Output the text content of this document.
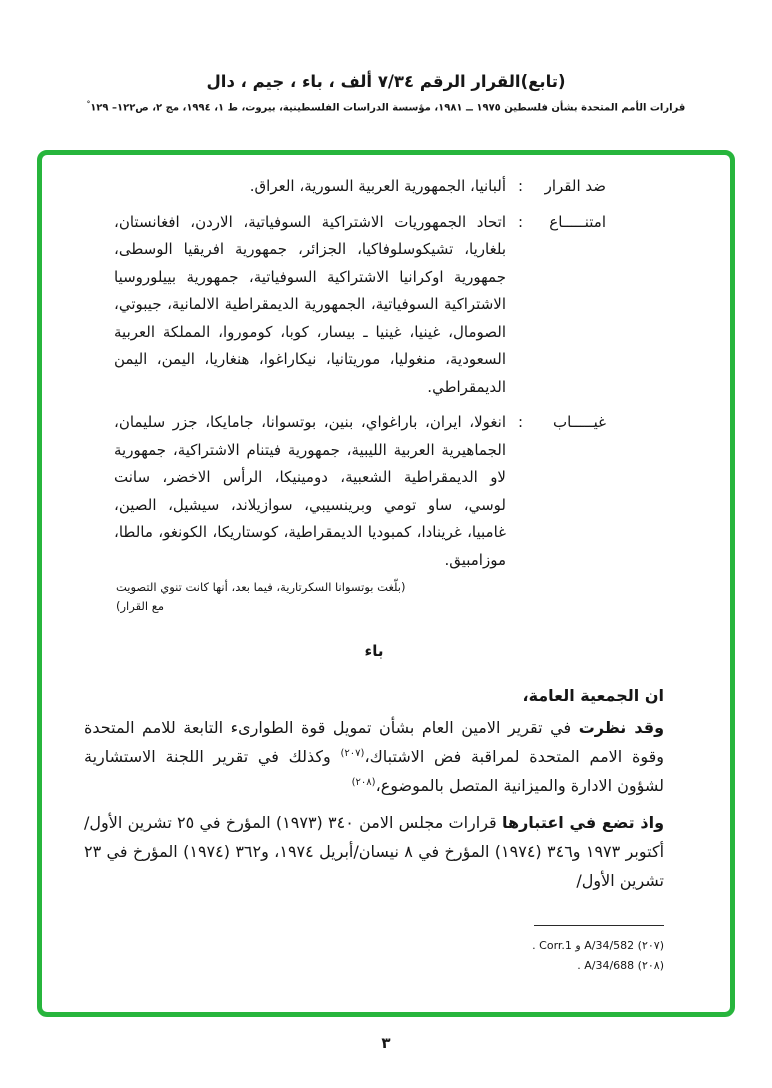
(تابع)القرار الرقم ٧/٣٤ ألف ، باء ، جيم ، دال
قرارات الأمم المتحدة بشأن فلسطين ١٩٧٥ ــ ١٩٨١، مؤسسة الدراسات الفلسطينية، بيروت، ط ١، ١٩٩٤، مج ٢، ص١٢٢– ١٢٩°
ضد القرار
:
ألبانيا، الجمهورية العربية السورية، العراق.
امتنـــــاع
:
اتحاد الجمهوريات الاشتراكية السوفياتية، الاردن، افغانستان، بلغاريا، تشيكوسلوفاكيا، الجزائر، جمهورية افريقيا الوسطى، جمهورية اوكرانيا الاشتراكية السوفياتية، جمهورية بييلوروسيا الاشتراكية السوفياتية، الجمهورية الديمقراطية الالمانية، جيبوتي، الصومال، غينيا، غينيا ـ بيسار، كوبا، كوموروا، المملكة العربية السعودية، منغوليا، موريتانيا، نيكاراغوا، هنغاريا، اليمن، اليمن الديمقراطي.
غيـــــاب
:
انغولا، ايران، باراغواي، بنين، بوتسوانا، جامايكا، جزر سليمان، الجماهيرية العربية الليبية، جمهورية فيتنام الاشتراكية، جمهورية لاو الديمقراطية الشعبية، دومينيكا، الرأس الاخضر، سانت لوسي، ساو تومي وبرينسيبي، سوازيلاند، سيشيل، الصين، غامبيا، غرينادا، كمبوديا الديمقراطية، كوستاريكا، الكونغو، مالطا، موزامبيق.
(بلّغت بوتسوانا السكرتارية، فيما بعد، أنها كانت تنوي التصويت مع القرار)
باء
ان الجمعية العامة،

وقد نظرت في تقرير الامين العام بشأن تمويل قوة الطوارىء التابعة للامم المتحدة وقوة الامم المتحدة لمراقبة فض الاشتباك،$^{(٢٠٧)}$ وكذلك في تقرير اللجنة الاستشارية لشؤون الادارة والميزانية المتصل بالموضوع،$^{(٢٠٨)}$

واذ تضع في اعتبارها قرارات مجلس الامن ٣٤٠ (١٩٧٣) المؤرخ في ٢٥ تشرين الأول/أكتوبر ١٩٧٣ و٣٤٦ (١٩٧٤) المؤرخ في ٨ نيسان/أبريل ١٩٧٤، و٣٦٢ (١٩٧٤) المؤرخ في ٢٣ تشرين الأول/

(٢٠٧) A/34/582 و Corr.1 .
(٢٠٨) A/34/688 .
٣
